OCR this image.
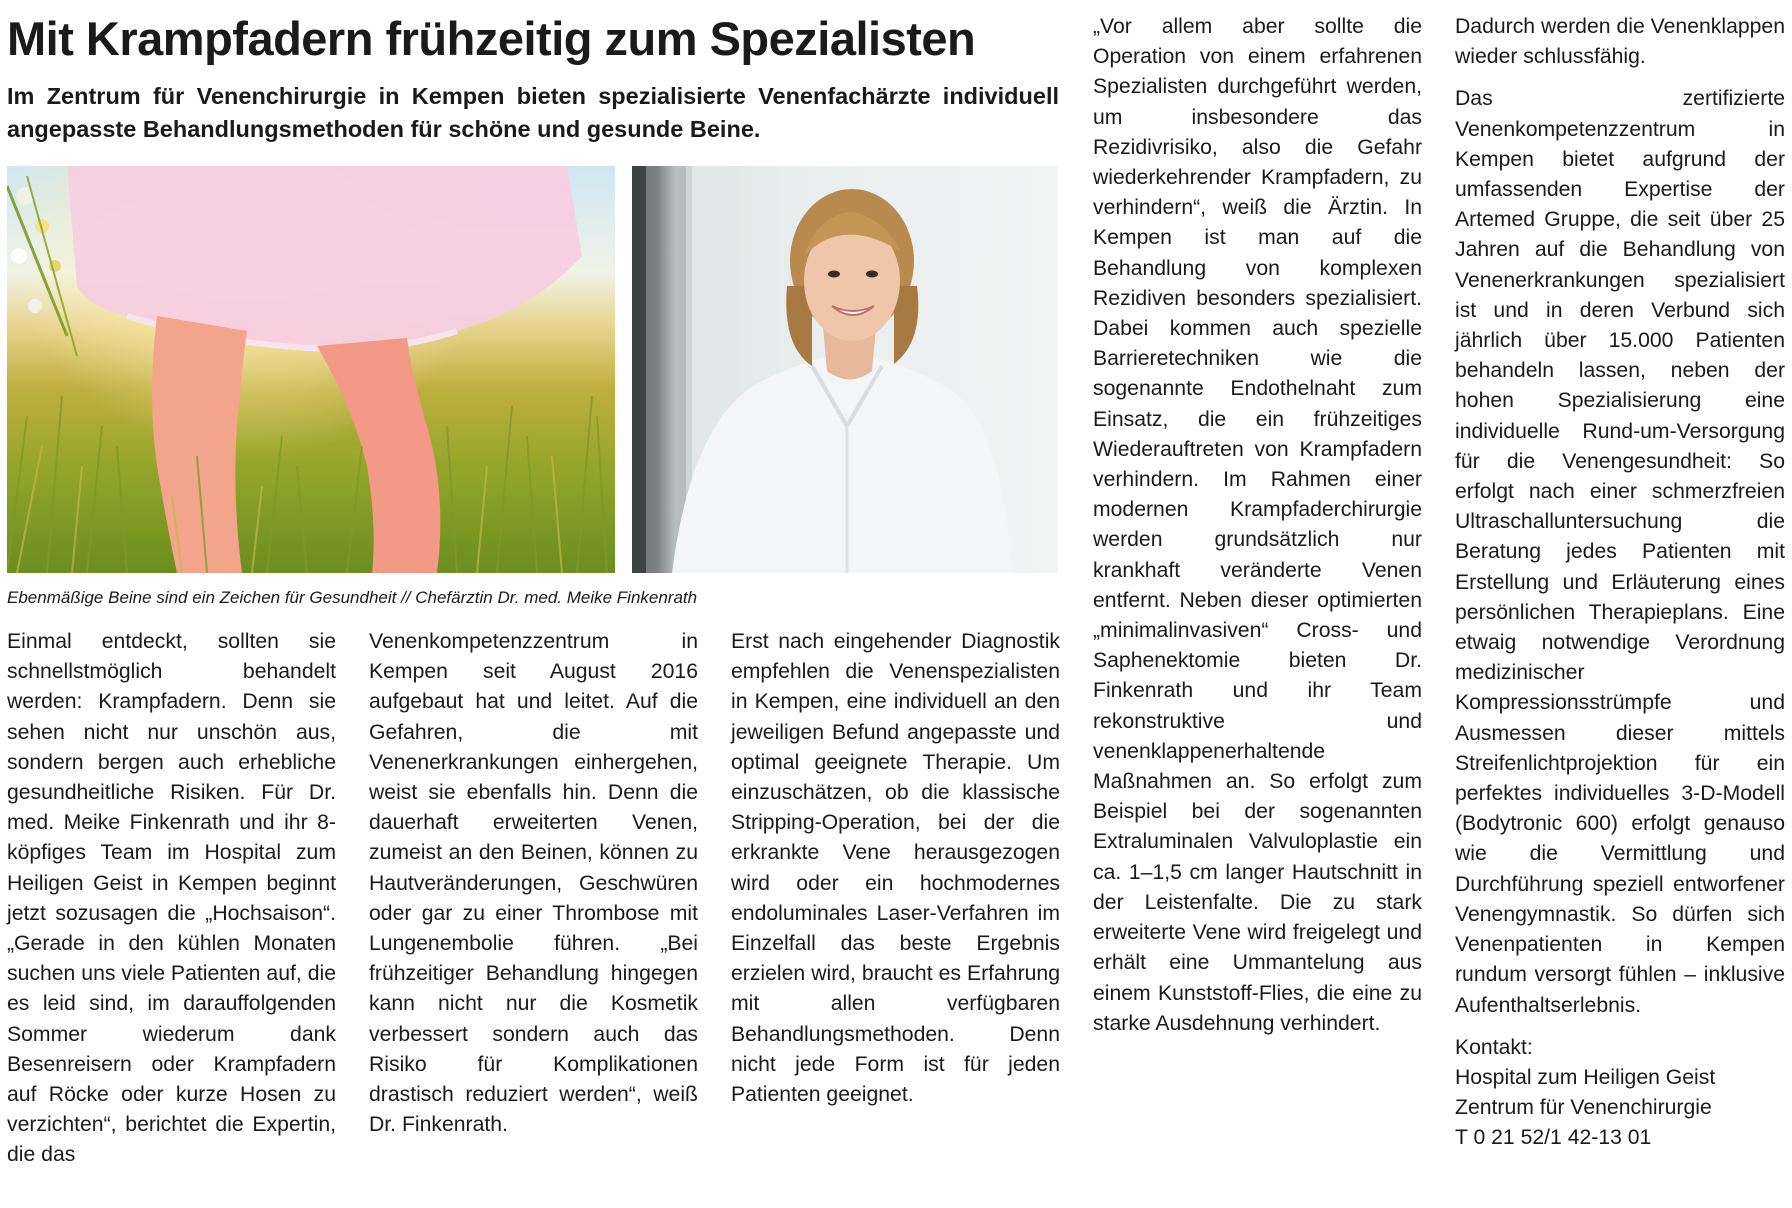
Mit Krampfadern frühzeitig zum Spezialisten
Im Zentrum für Venenchirurgie in Kempen bieten spezialisierte Venenfachärzte individuell angepasste Behandlungsmethoden für schöne und gesunde Beine.
Ebenmäßige Beine sind ein Zeichen für Gesundheit // Chefärztin Dr. med. Meike Finkenrath

Einmal entdeckt, sollten sie schnellstmöglich behandelt werden: Krampfadern. Denn sie sehen nicht nur unschön aus, sondern bergen auch erhebliche gesundheitliche Risiken. Für Dr. med. Meike Finkenrath und ihr 8-köpfiges Team im Hospital zum Heiligen Geist in Kempen beginnt jetzt sozusagen die „Hochsaison“. „Gerade in den kühlen Monaten suchen uns viele Patienten auf, die es leid sind, im darauffolgenden Sommer wiederum dank Besenreisern oder Krampfadern auf Röcke oder kurze Hosen zu verzichten“, berichtet die Expertin, die das

Venenkompetenzzentrum in Kempen seit August 2016 aufgebaut hat und leitet. Auf die Gefahren, die mit Venenerkrankungen einhergehen, weist sie ebenfalls hin. Denn die dauerhaft erweiterten Venen, zumeist an den Beinen, können zu Hautveränderungen, Geschwüren oder gar zu einer Thrombose mit Lungenembolie führen. „Bei frühzeitiger Behandlung hingegen kann nicht nur die Kosmetik verbessert sondern auch das Risiko für Komplikationen drastisch reduziert werden“, weiß Dr. Finkenrath.

Erst nach eingehender Diagnostik empfehlen die Venenspezialisten in Kempen, eine individuell an den jeweiligen Befund angepasste und optimal geeignete Therapie. Um einzuschätzen, ob die klassische Stripping-Operation, bei der die erkrankte Vene herausgezogen wird oder ein hochmodernes endoluminales Laser-Verfahren im Einzelfall das beste Ergebnis erzielen wird, braucht es Erfahrung mit allen verfügbaren Behandlungsmethoden. Denn nicht jede Form ist für jeden Patienten geeignet.

„Vor allem aber sollte die Operation von einem erfahrenen Spezialisten durchgeführt werden, um insbesondere das Rezidivrisiko, also die Gefahr wiederkehrender Krampfadern, zu verhindern“, weiß die Ärztin. In Kempen ist man auf die Behandlung von komplexen Rezidiven besonders spezialisiert. Dabei kommen auch spezielle Barrieretechniken wie die sogenannte Endothelnaht zum Einsatz, die ein frühzeitiges Wiederauftreten von Krampfadern verhindern. Im Rahmen einer modernen Krampfaderchirurgie werden grundsätzlich nur krankhaft veränderte Venen entfernt. Neben dieser optimierten „minimalinvasiven“ Cross- und Saphenektomie bieten Dr. Finkenrath und ihr Team rekonstruktive und venenklappenerhaltende Maßnahmen an. So erfolgt zum Beispiel bei der sogenannten Extraluminalen Valvuloplastie ein ca. 1–1,5 cm langer Hautschnitt in der Leistenfalte. Die zu stark erweiterte Vene wird freigelegt und erhält eine Ummantelung aus einem Kunststoff-Flies, die eine zu starke Ausdehnung verhindert.

Dadurch werden die Venenklappen wieder schlussfähig.

Das zertifizierte Venenkompetenzzentrum in Kempen bietet aufgrund der umfassenden Expertise der Artemed Gruppe, die seit über 25 Jahren auf die Behandlung von Venenerkrankungen spezialisiert ist und in deren Verbund sich jährlich über 15.000 Patienten behandeln lassen, neben der hohen Spezialisierung eine individuelle Rund-um-Versorgung für die Venengesundheit: So erfolgt nach einer schmerzfreien Ultraschalluntersuchung die Beratung jedes Patienten mit Erstellung und Erläuterung eines persönlichen Therapieplans. Eine etwaig notwendige Verordnung medizinischer Kompressionsstrümpfe und Ausmessen dieser mittels Streifenlichtprojektion für ein perfektes individuelles 3-D-Modell (Bodytronic 600) erfolgt genauso wie die Vermittlung und Durchführung speziell entworfener Venengymnastik. So dürfen sich Venenpatienten in Kempen rundum versorgt fühlen – inklusive Aufenthaltserlebnis.

Kontakt:
Hospital zum Heiligen Geist
Zentrum für Venenchirurgie
T 0 21 52/1 42-13 01
